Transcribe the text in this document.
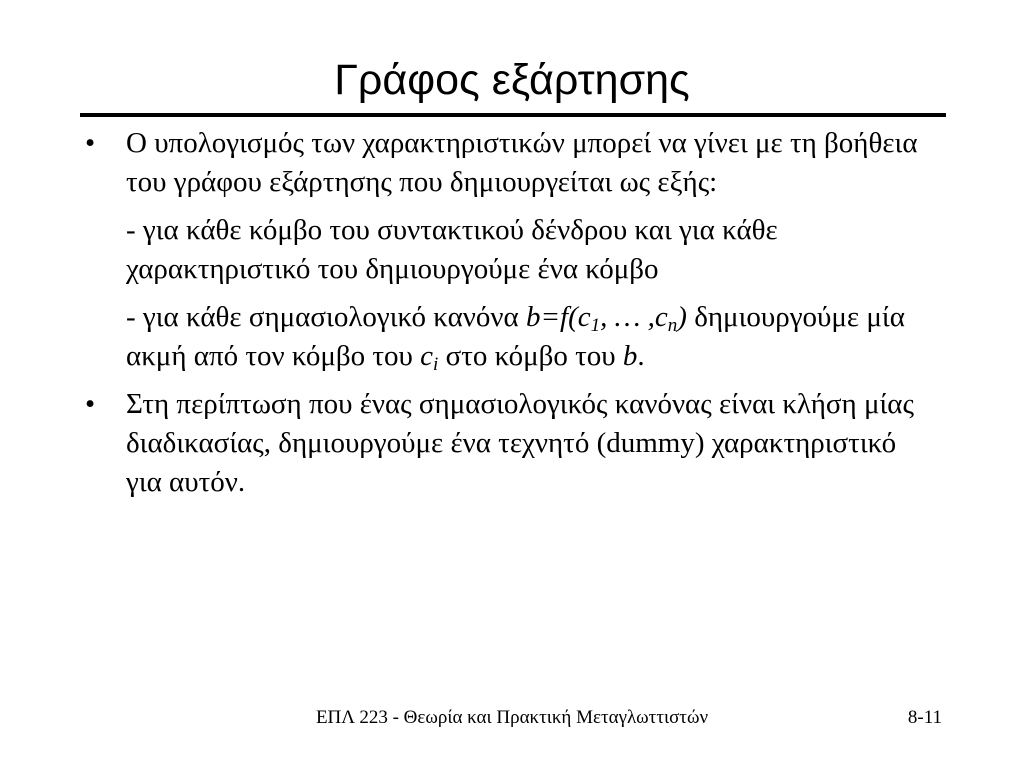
Γράφος εξάρτησης
• Ο υπολογισμός των χαρακτηριστικών μπορεί να γίνει με τη βοήθεια του γράφου εξάρτησης που δημιουργείται ως εξής:
- για κάθε κόμβο του συντακτικού δένδρου και για κάθε χαρακτηριστικό του δημιουργούμε ένα κόμβο
- για κάθε σημασιολογικό κανόνα $b=f(c_1$, … $,c_n$) δημιουργούμε μία ακμή από τον κόμβο του $c_i$ στο κόμβο του b.
• Στη περίπτωση που ένας σημασιολογικός κανόνας είναι κλήση μίας διαδικασίας, δημιουργούμε ένα τεχνητό (dummy) χαρακτηριστικό για αυτόν.
ΕΠΛ 223 - Θεωρία και Πρακτική Μεταγλωττιστών	8-11
